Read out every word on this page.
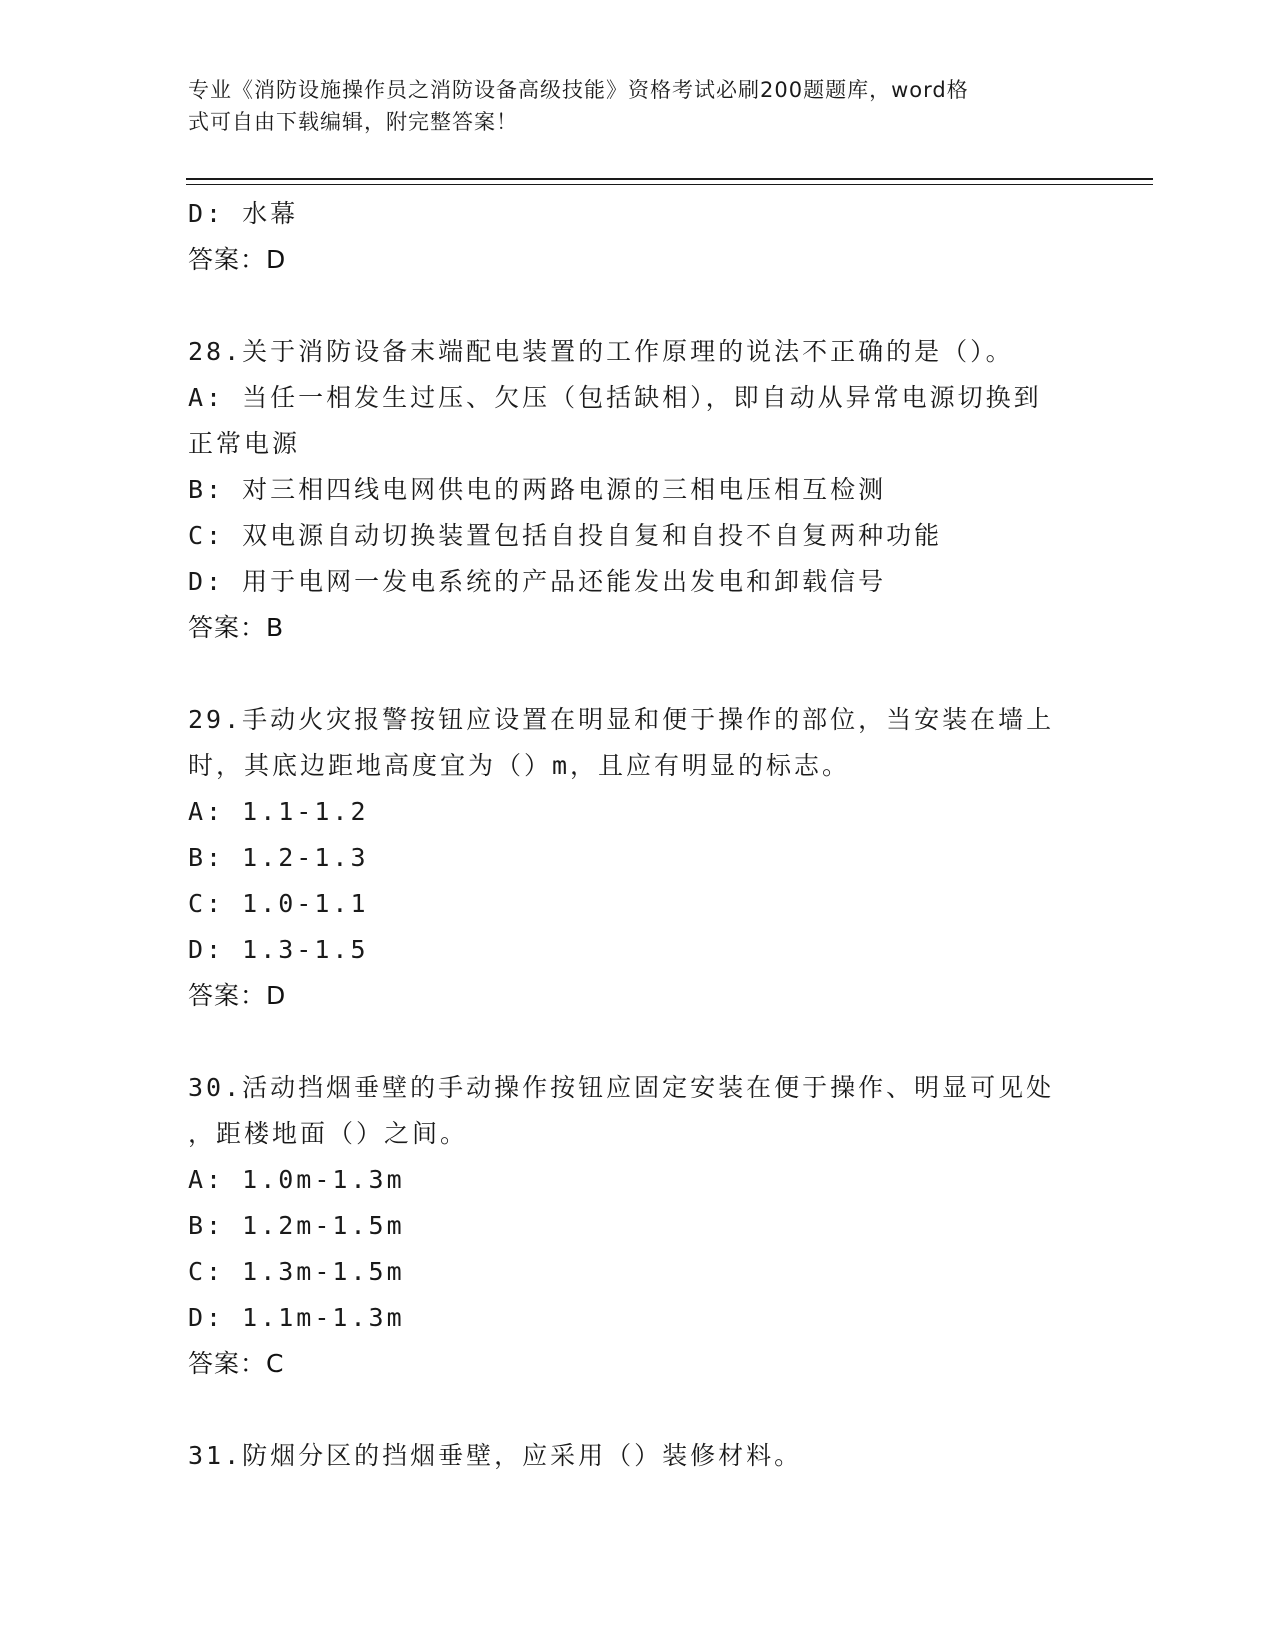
专业《消防设施操作员之消防设备高级技能》资格考试必刷200题题库，word格
式可自由下载编辑，附完整答案！
D: 水幕
答案：D
28.关于消防设备末端配电装置的工作原理的说法不正确的是（）。
A: 当任一相发生过压、欠压（包括缺相），即自动从异常电源切换到
正常电源
B: 对三相四线电网供电的两路电源的三相电压相互检测
C: 双电源自动切换装置包括自投自复和自投不自复两种功能
D: 用于电网一发电系统的产品还能发出发电和卸载信号
答案：B
29.手动火灾报警按钮应设置在明显和便于操作的部位，当安装在墙上
时，其底边距地高度宜为（）m，且应有明显的标志。
A: 1.1-1.2
B: 1.2-1.3
C: 1.0-1.1
D: 1.3-1.5
答案：D
30.活动挡烟垂壁的手动操作按钮应固定安装在便于操作、明显可见处
，距楼地面（）之间。
A: 1.0m-1.3m
B: 1.2m-1.5m
C: 1.3m-1.5m
D: 1.1m-1.3m
答案：C
31.防烟分区的挡烟垂壁，应采用（）装修材料。
